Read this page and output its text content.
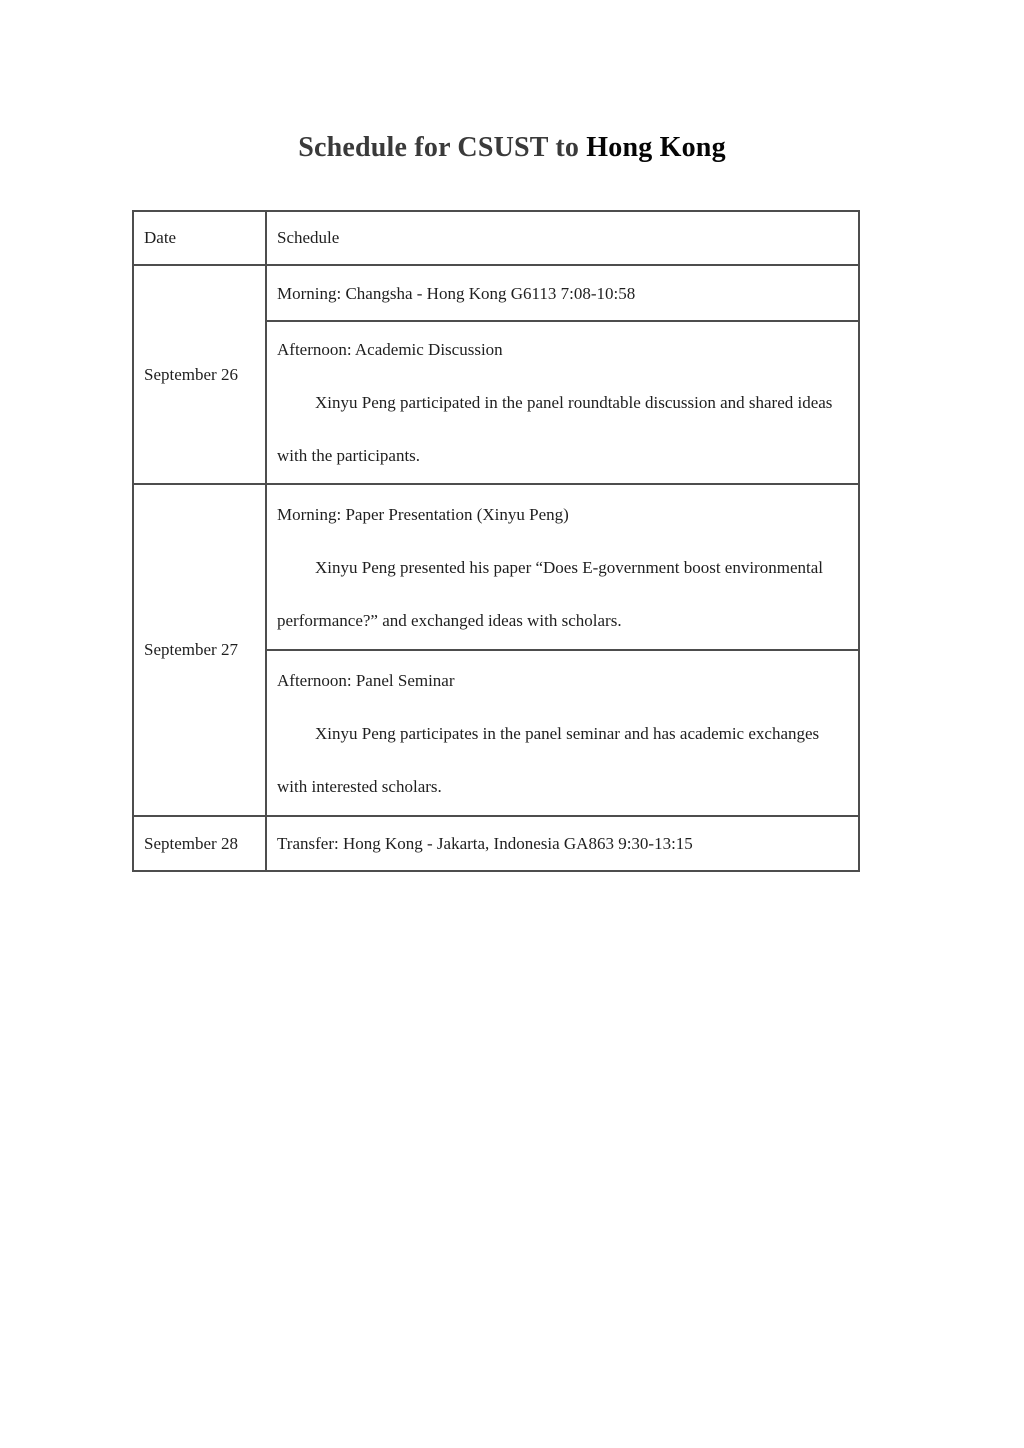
Schedule for CSUST to Hong Kong
Date	Schedule
September 26	Morning: Changsha - Hong Kong G6113 7:08-10:58

	Afternoon: Academic Discussion

Xinyu Peng participated in the panel roundtable discussion and shared ideas with the participants.

September 27	Morning: Paper Presentation (Xinyu Peng)

Xinyu Peng presented his paper “Does E-government boost environmental performance?” and exchanged ideas with scholars.

	Afternoon: Panel Seminar

Xinyu Peng participates in the panel seminar and has academic exchanges with interested scholars.

September 28	Transfer: Hong Kong - Jakarta, Indonesia GA863 9:30-13:15
